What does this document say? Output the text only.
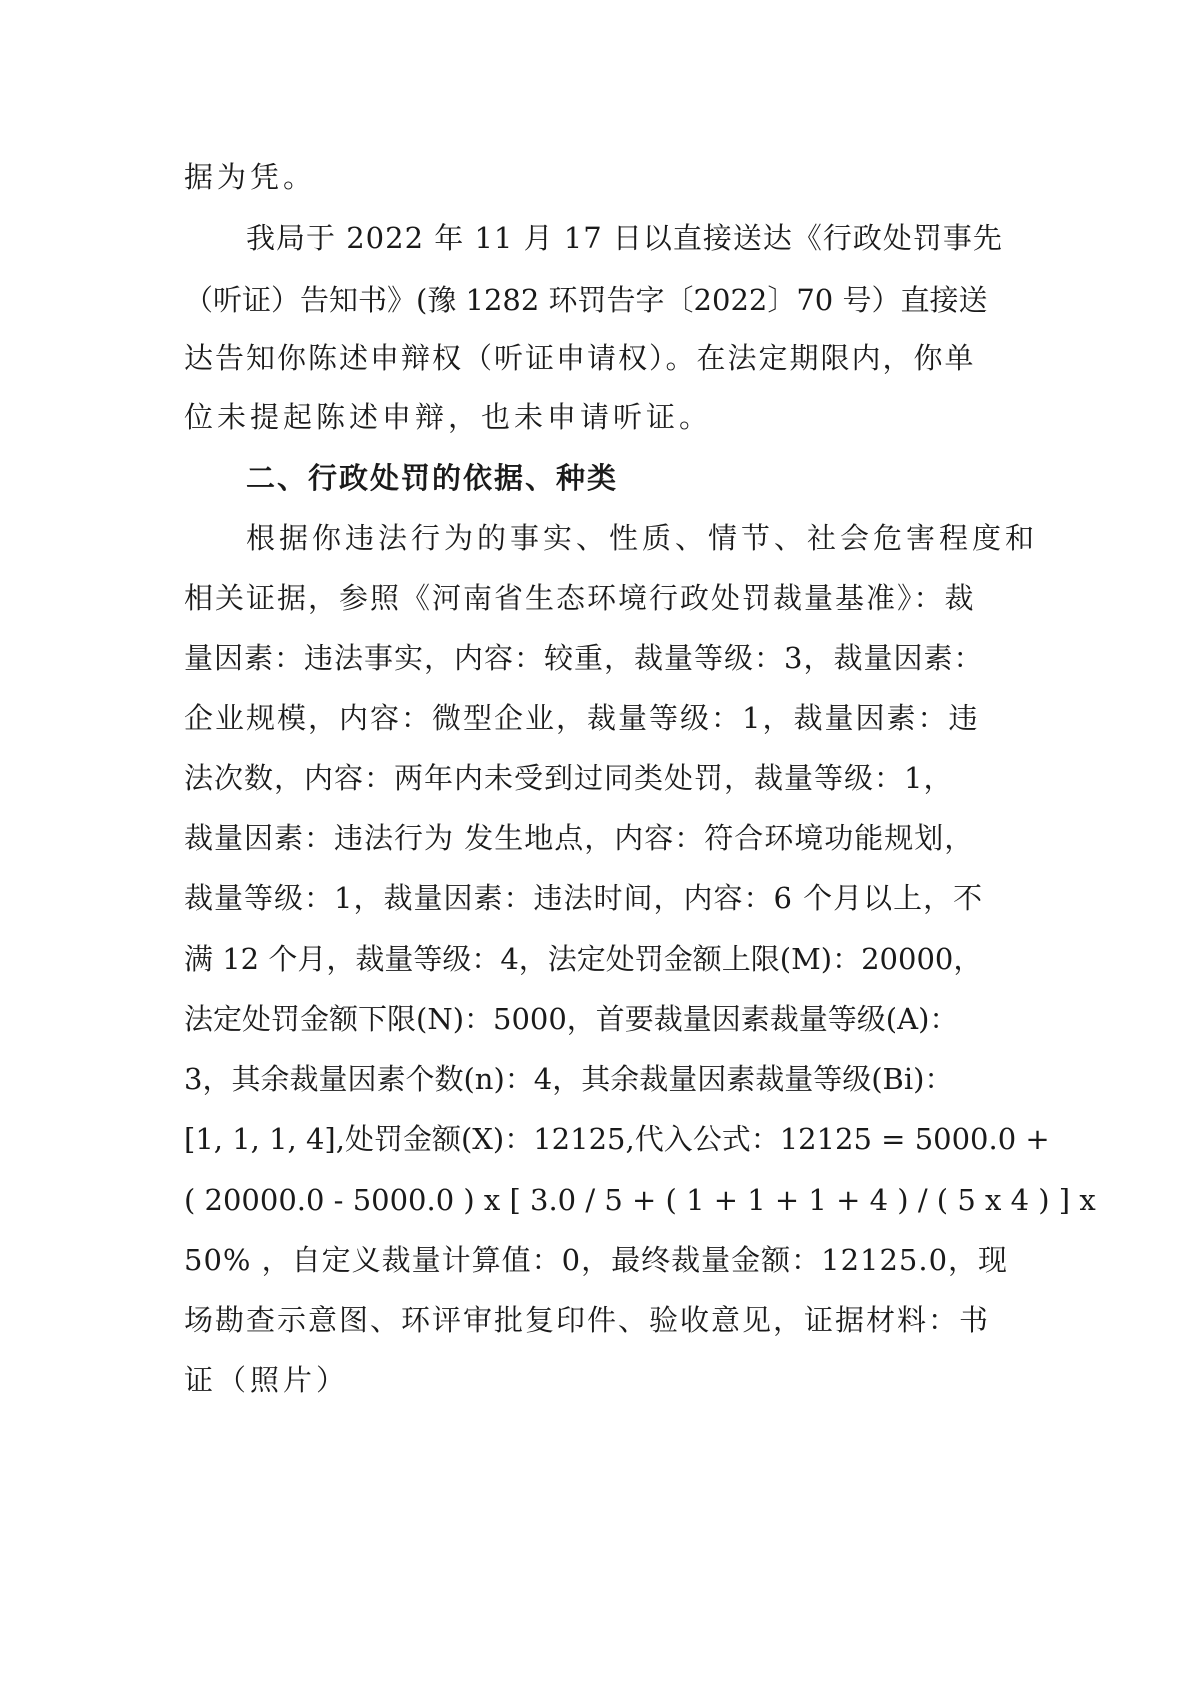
据为凭。
我局于 2022 年 11 月 17 日以直接送达《行政处罚事先
（听证）告知书》(豫 1282 环罚告字〔2022〕70 号）直接送
达告知你陈述申辩权（听证申请权）。在法定期限内，你单
位未提起陈述申辩，也未申请听证。
二、行政处罚的依据、种类
根据你违法行为的事实、性质、情节、社会危害程度和
相关证据，参照《河南省生态环境行政处罚裁量基准》：裁
量因素：违法事实，内容：较重，裁量等级：3，裁量因素：
企业规模，内容：微型企业，裁量等级：1，裁量因素：违
法次数，内容：两年内未受到过同类处罚，裁量等级：1，
裁量因素：违法行为 发生地点，内容：符合环境功能规划，
裁量等级：1，裁量因素：违法时间，内容：6 个月以上，不
满 12 个月，裁量等级：4，法定处罚金额上限(M)：20000，
法定处罚金额下限(N)：5000，首要裁量因素裁量等级(A)：
3，其余裁量因素个数(n)：4，其余裁量因素裁量等级(Bi)：
[1, 1, 1, 4],处罚金额(X)：12125,代入公式：12125 = 5000.0 +
( 20000.0 - 5000.0 ) x [ 3.0 / 5 + ( 1 + 1 + 1 + 4 ) / ( 5 x 4 ) ] x
50% ，自定义裁量计算值：0，最终裁量金额：12125.0，现
场勘查示意图、环评审批复印件、验收意见，证据材料：书
证（照片）
